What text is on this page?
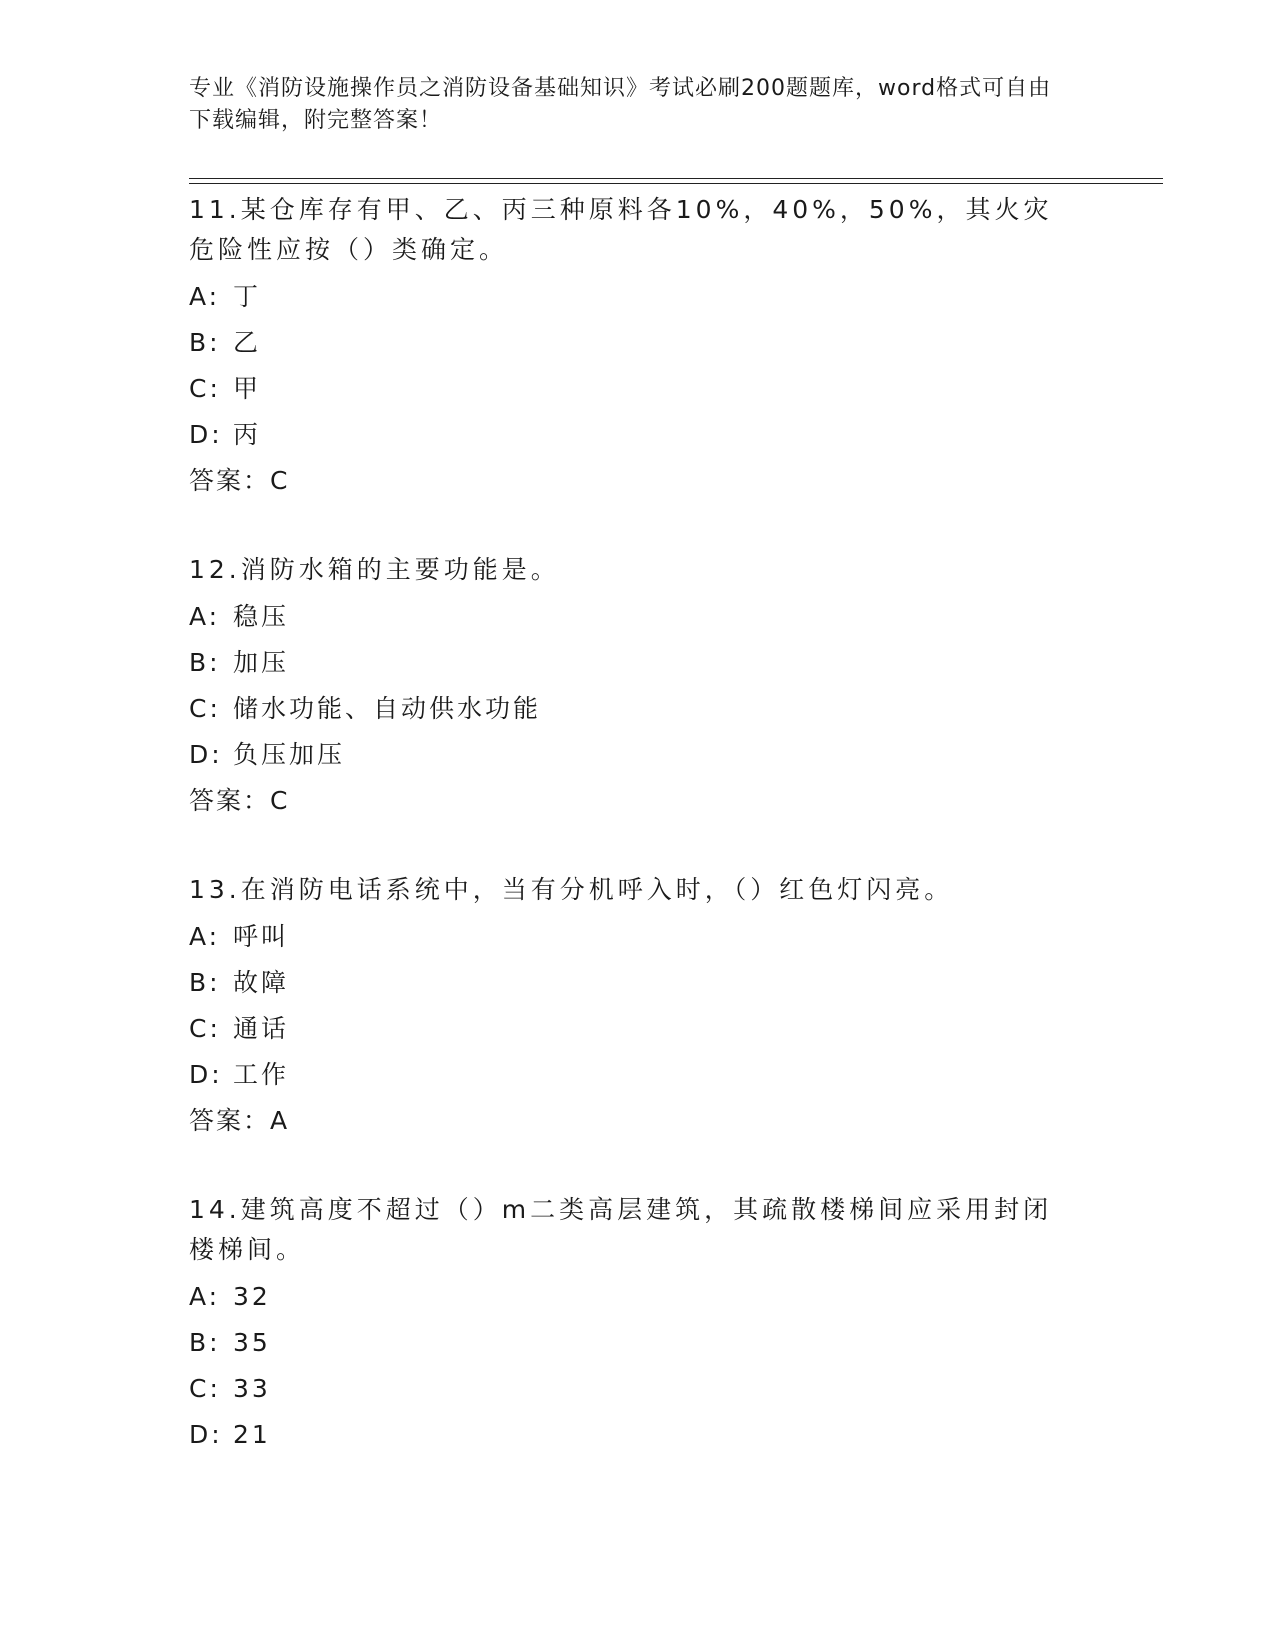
专业《消防设施操作员之消防设备基础知识》考试必刷200题题库，word格式可自由下载编辑，附完整答案！

11.某仓库存有甲、乙、丙三种原料各10%，40%，50%，其火灾危险性应按（）类确定。

A: 丁
B: 乙
C: 甲
D: 丙
答案：C

12.消防水箱的主要功能是。

A: 稳压
B: 加压
C: 储水功能、自动供水功能
D: 负压加压
答案：C

13.在消防电话系统中，当有分机呼入时，（）红色灯闪亮。

A: 呼叫
B: 故障
C: 通话
D: 工作
答案：A

14.建筑高度不超过（）m二类高层建筑，其疏散楼梯间应采用封闭楼梯间。

A: 32
B: 35
C: 33
D: 21
